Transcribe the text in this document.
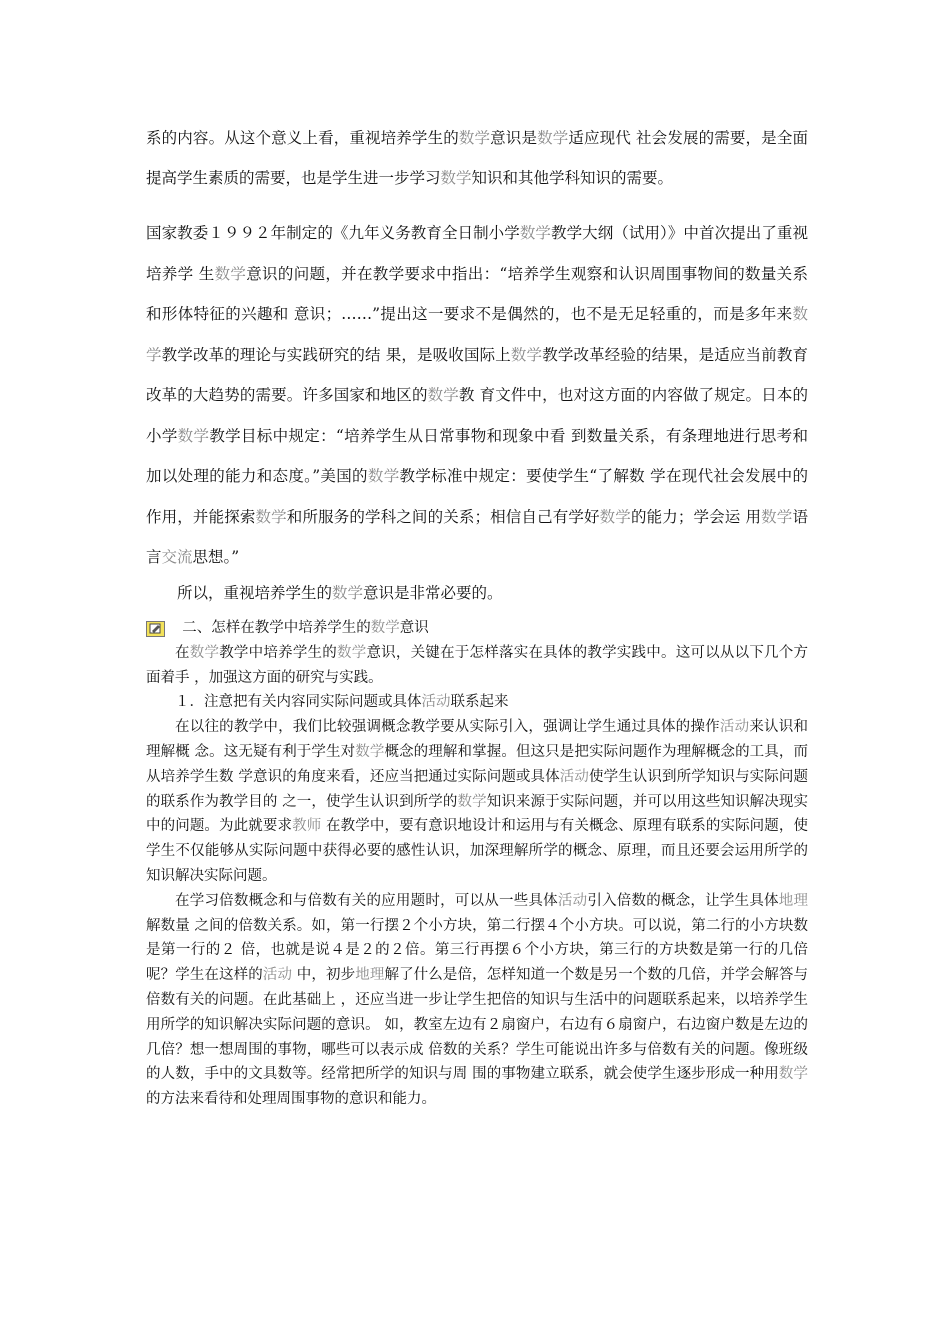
系的内容。从这个意义上看，重视培养学生的数学意识是数学适应现代 社会发展的需要，是全面提高学生素质的需要，也是学生进一步学习数学知识和其他学科知识的需要。

国家教委１９９２年制定的《九年义务教育全日制小学数学教学大纲（试用）》中首次提出了重视培养学 生数学意识的问题，并在教学要求中指出：“培养学生观察和认识周围事物间的数量关系和形体特征的兴趣和 意识；……”提出这一要求不是偶然的，也不是无足轻重的，而是多年来数学教学改革的理论与实践研究的结 果，是吸收国际上数学教学改革经验的结果，是适应当前教育改革的大趋势的需要。许多国家和地区的数学教 育文件中，也对这方面的内容做了规定。日本的小学数学教学目标中规定：“培养学生从日常事物和现象中看 到数量关系，有条理地进行思考和加以处理的能力和态度。”美国的数学教学标准中规定：要使学生“了解数 学在现代社会发展中的作用，并能探索数学和所服务的学科之间的关系；相信自己有学好数学的能力；学会运 用数学语言交流思想。”

所以，重视培养学生的数学意识是非常必要的。

二、怎样在教学中培养学生的数学意识

在数学教学中培养学生的数学意识，关键在于怎样落实在具体的教学实践中。这可以从以下几个方面着手 ，加强这方面的研究与实践。

１．注意把有关内容同实际问题或具体活动联系起来

在以往的教学中，我们比较强调概念教学要从实际引入，强调让学生通过具体的操作活动来认识和理解概 念。这无疑有利于学生对数学概念的理解和掌握。但这只是把实际问题作为理解概念的工具，而从培养学生数 学意识的角度来看，还应当把通过实际问题或具体活动使学生认识到所学知识与实际问题的联系作为教学目的 之一，使学生认识到所学的数学知识来源于实际问题，并可以用这些知识解决现实中的问题。为此就要求教师 在教学中，要有意识地设计和运用与有关概念、原理有联系的实际问题，使学生不仅能够从实际问题中获得必要的感性认识，加深理解所学的概念、原理，而且还要会运用所学的知识解决实际问题。

在学习倍数概念和与倍数有关的应用题时，可以从一些具体活动引入倍数的概念，让学生具体地理解数量 之间的倍数关系。如，第一行摆２个小方块，第二行摆４个小方块。可以说，第二行的小方块数是第一行的２ 倍，也就是说４是２的２倍。第三行再摆６个小方块，第三行的方块数是第一行的几倍呢？学生在这样的活动 中，初步地理解了什么是倍，怎样知道一个数是另一个数的几倍，并学会解答与倍数有关的问题。在此基础上 ，还应当进一步让学生把倍的知识与生活中的问题联系起来，以培养学生用所学的知识解决实际问题的意识。 如，教室左边有２扇窗户，右边有６扇窗户，右边窗户数是左边的几倍？想一想周围的事物，哪些可以表示成 倍数的关系？学生可能说出许多与倍数有关的问题。像班级的人数，手中的文具数等。经常把所学的知识与周 围的事物建立联系，就会使学生逐步形成一种用数学的方法来看待和处理周围事物的意识和能力。
